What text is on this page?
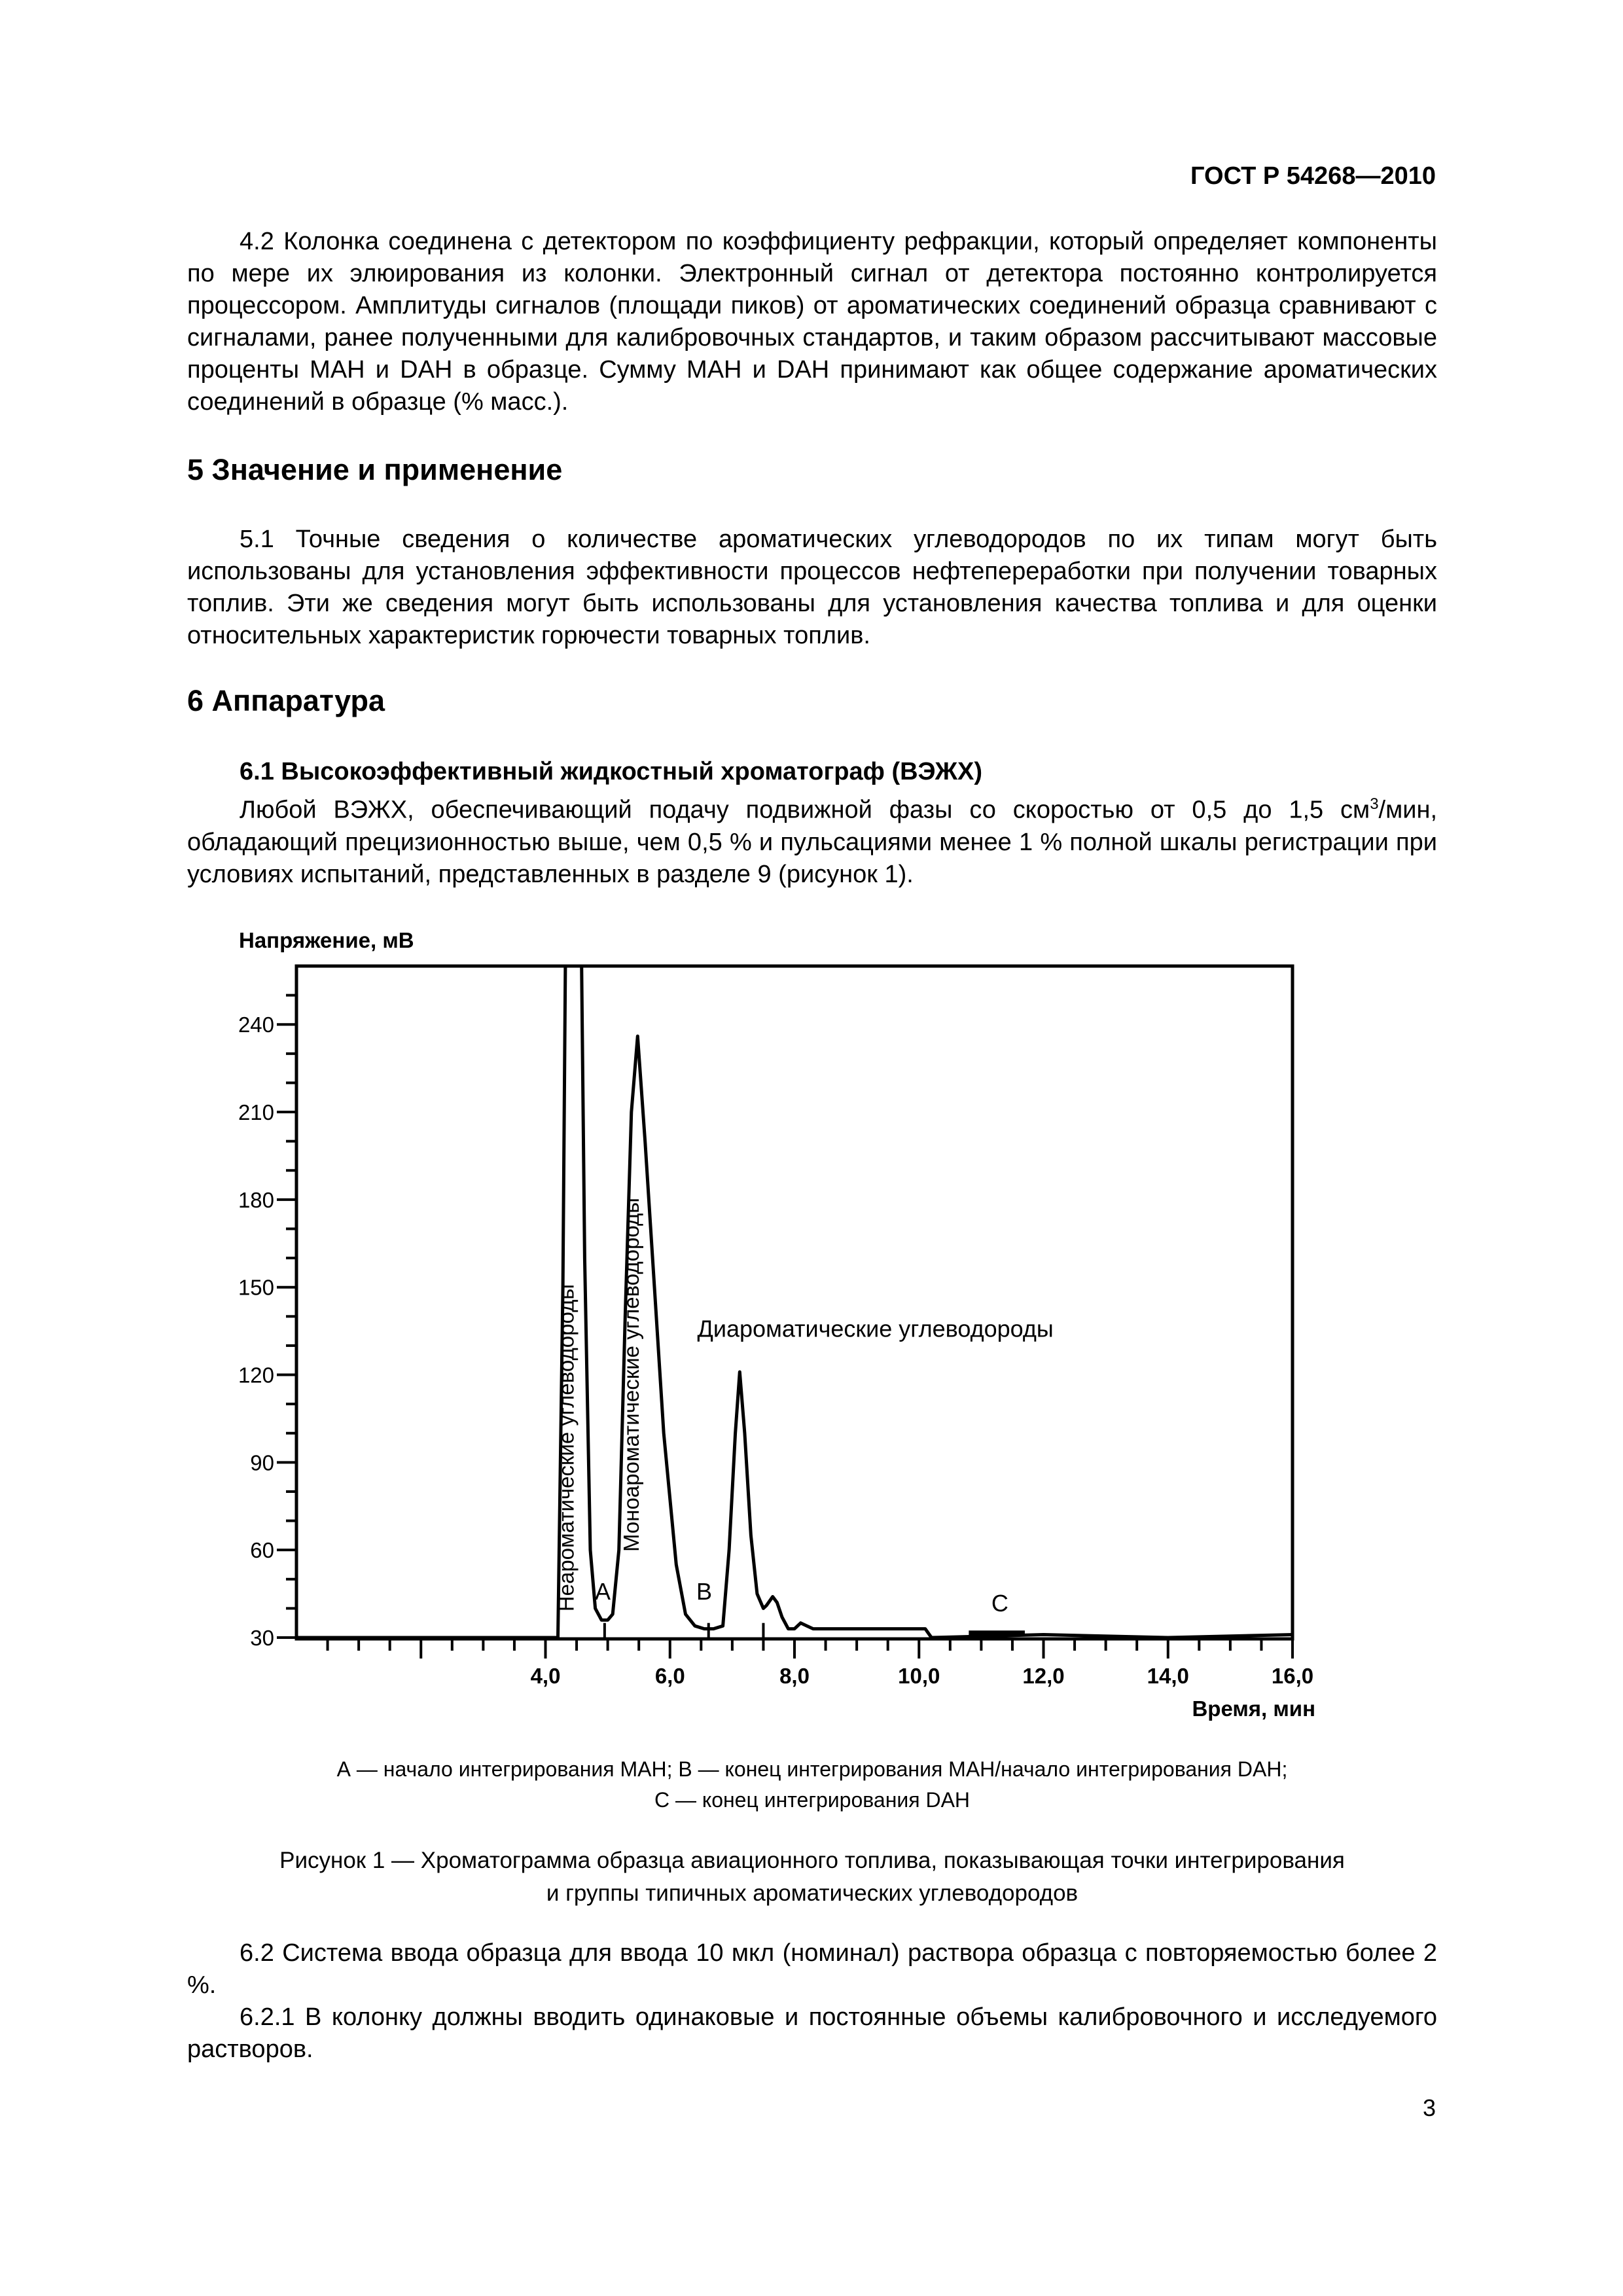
ГОСТ Р 54268—2010

4.2 Колонка соединена с детектором по коэффициенту рефракции, который определяет компоненты по мере их элюирования из колонки. Электронный сигнал от детектора постоянно контролируется процессором. Амплитуды сигналов (площади пиков) от ароматических соединений образца сравнивают с сигналами, ранее полученными для калибровочных стандартов, и таким образом рассчитывают массовые проценты МАН и DAH в образце. Сумму МАН и DAH принимают как общее содержание ароматических соединений в образце (% масс.).

5 Значение и применение

5.1 Точные сведения о количестве ароматических углеводородов по их типам могут быть использованы для установления эффективности процессов нефтепереработки при получении товарных топлив. Эти же сведения могут быть использованы для установления качества топлива и для оценки относительных характеристик горючести товарных топлив.

6 Аппаратура

6.1 Высокоэффективный жидкостный хроматограф (ВЭЖХ)

Любой ВЭЖХ, обеспечивающий подачу подвижной фазы со скоростью от 0,5 до 1,5 $см^3$/мин, обладающий прецизионностью выше, чем 0,5 % и пульсациями менее 1 % полной шкалы регистрации при условиях испытаний, представленных в разделе 9 (рисунок 1).

Напряжение, мВ
Время, мин
30
60
90
120
150
180
210
240
4,0	6,0	8,0	10,0	12,0	14,0	16,0
Неароматические углеводороды Моноароматические углеводороды Диароматические углеводороды
A	B	C

А — начало интегрирования МАН; В — конец интегрирования МАН/начало интегрирования DAH;
С — конец интегрирования DAH

Рисунок 1 — Хроматограмма образца авиационного топлива, показывающая точки интегрирования
и группы типичных ароматических углеводородов

6.2 Система ввода образца для ввода 10 мкл (номинал) раствора образца с повторяемостью более 2 %.

6.2.1 В колонку должны вводить одинаковые и постоянные объемы калибровочного и исследуемого растворов.

3
